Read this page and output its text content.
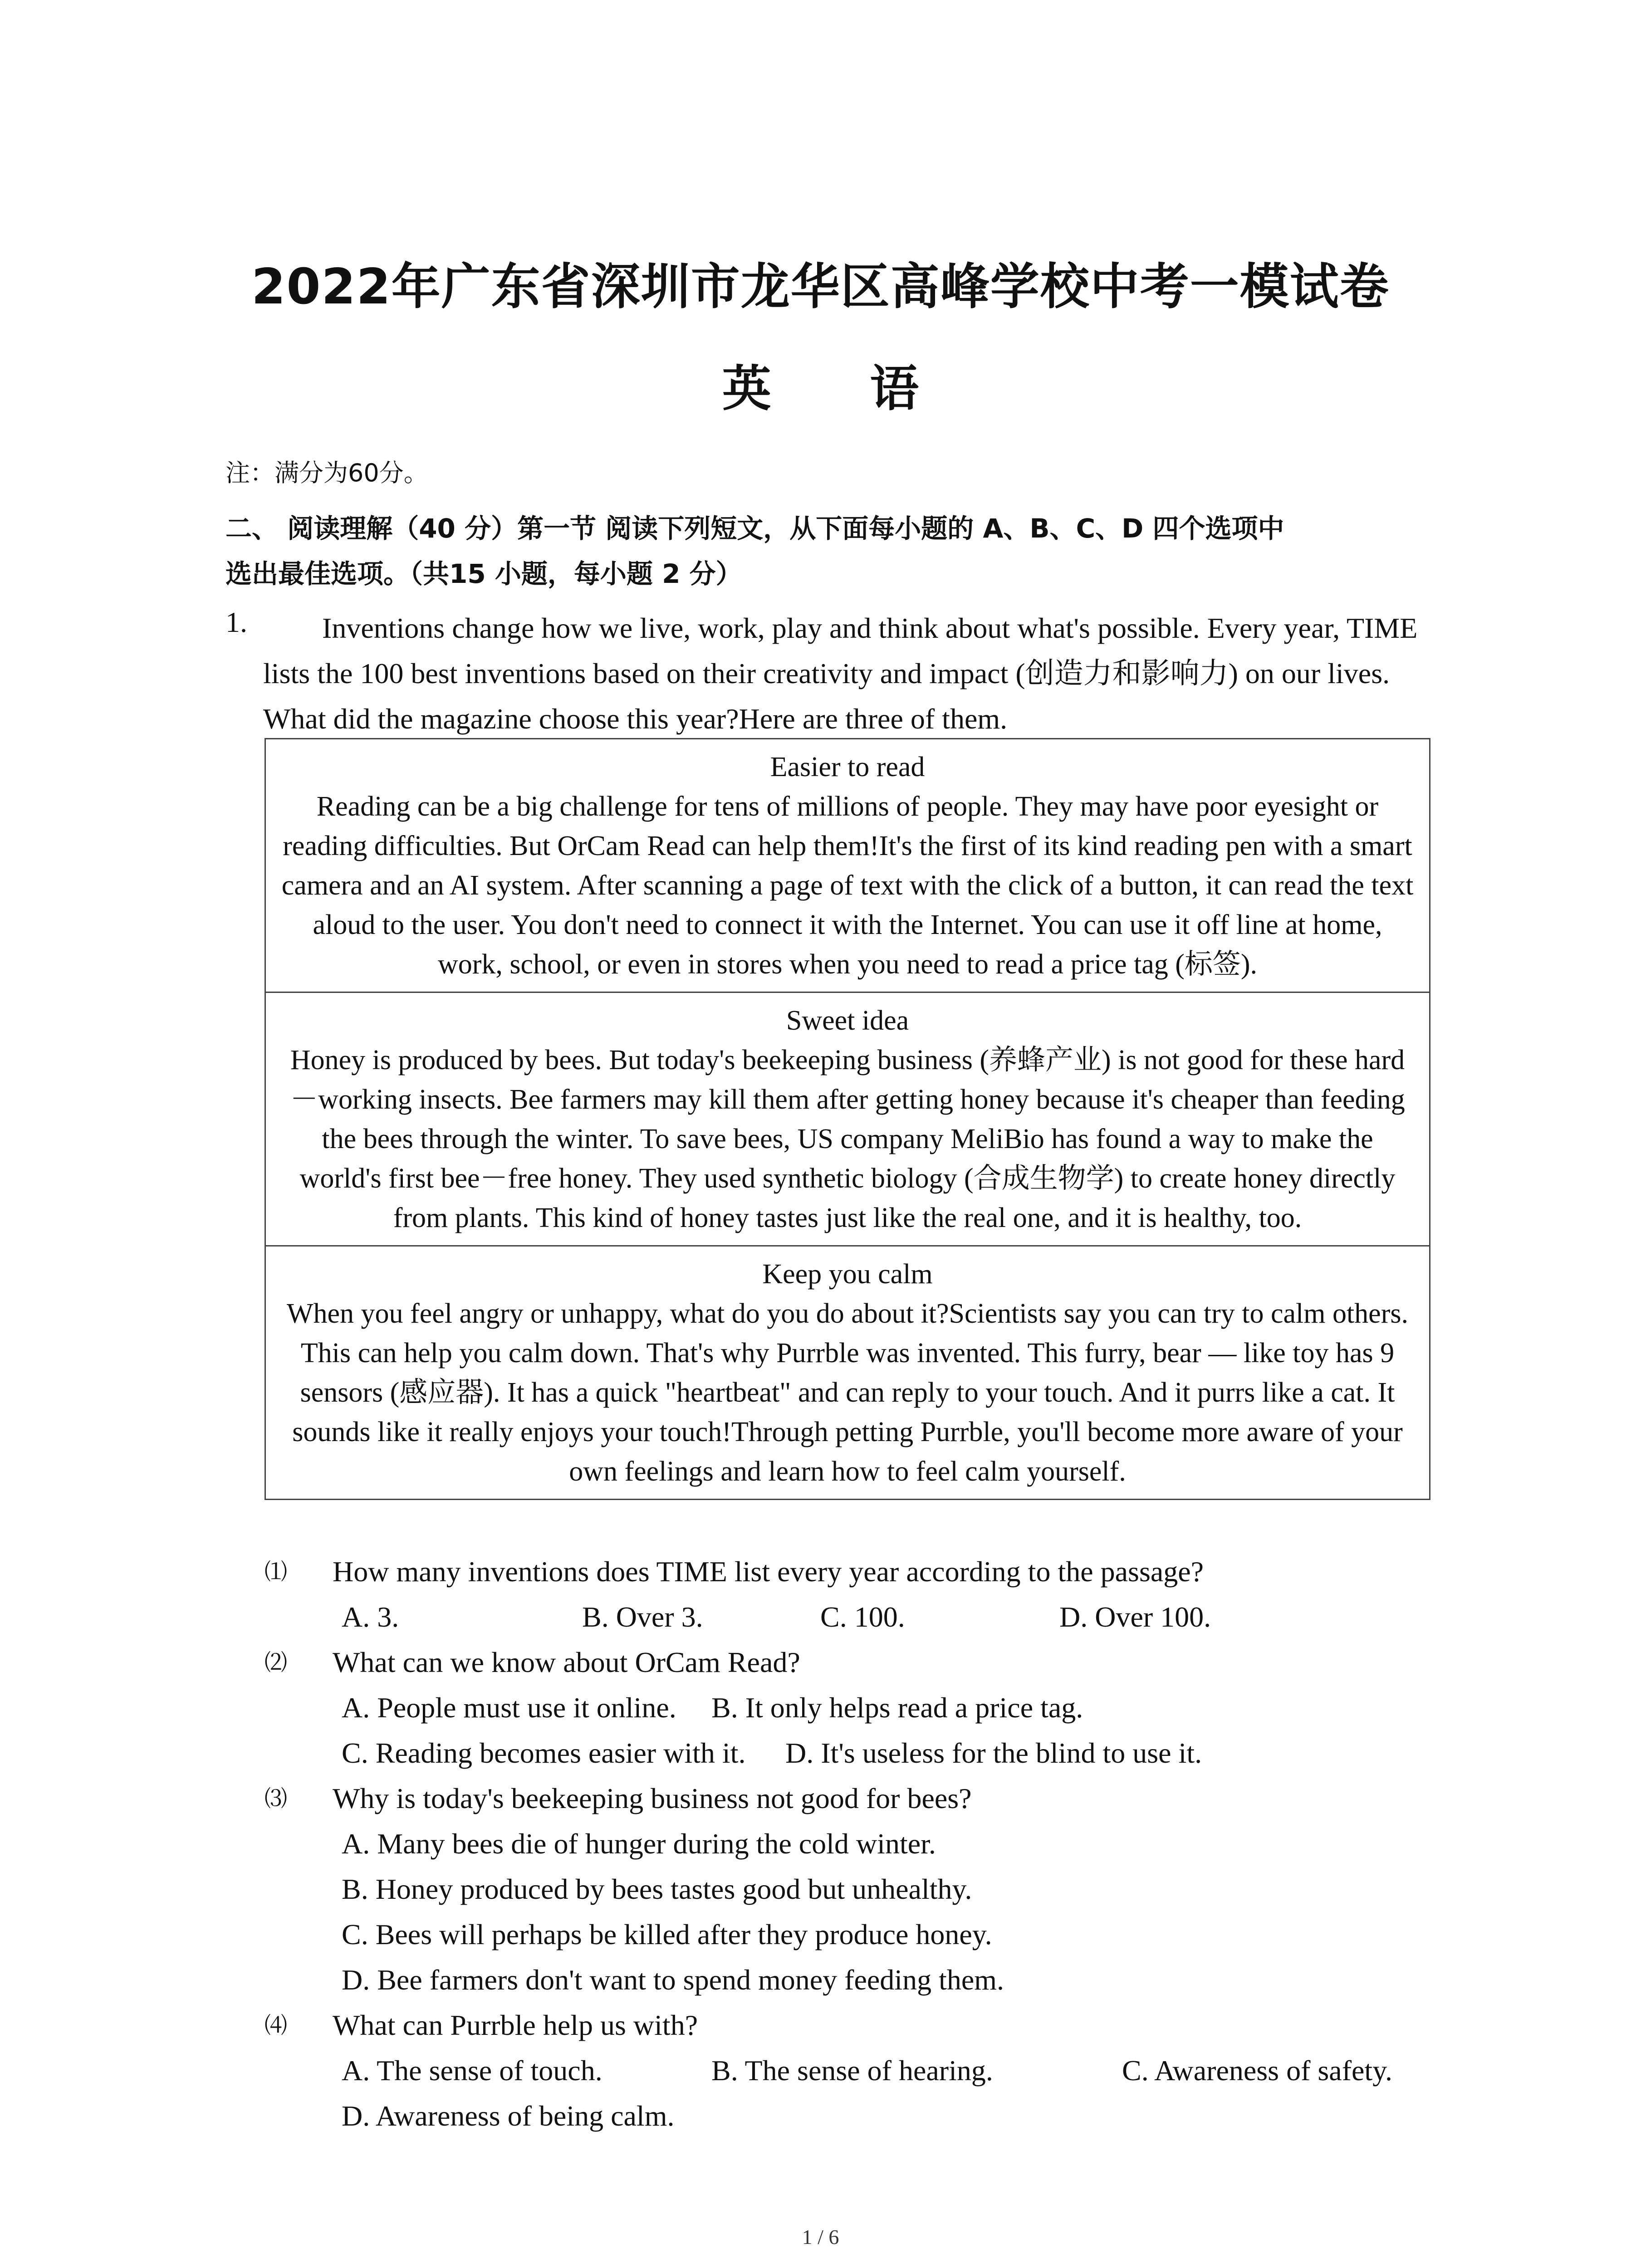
2022年广东省深圳市龙华区高峰学校中考一模试卷
英 语
注：满分为60分。
二、 阅读理解（40 分）第一节 阅读下列短文，从下面每小题的 A、B、C、D 四个选项中
选出最佳选项。（共15 小题，每小题 2 分）
1.	Inventions change how we live, work, play and think about what's possible. Every year, TIME lists the 100 best inventions based on their creativity and impact (创造力和影响力) on our lives. What did the magazine choose this year?Here are three of them.
Easier to read
Reading can be a big challenge for tens of millions of people. They may have poor eyesight or reading difficulties. But OrCam Read can help them!It's the first of its kind reading pen with a smart camera and an AI system. After scanning a page of text with the click of a button, it can read the text aloud to the user. You don't need to connect it with the Internet. You can use it off line at home, work, school, or even in stores when you need to read a price tag (标签).
Sweet idea
Honey is produced by bees. But today's beekeeping business (养蜂产业) is not good for these hard－working insects. Bee farmers may kill them after getting honey because it's cheaper than feeding the bees through the winter. To save bees, US company MeliBio has found a way to make the world's first bee－free honey. They used synthetic biology (合成生物学) to create honey directly from plants. This kind of honey tastes just like the real one, and it is healthy, too.
Keep you calm
When you feel angry or unhappy, what do you do about it?Scientists say you can try to calm others. This can help you calm down. That's why Purrble was invented. This furry, bear — like toy has 9 sensors (感应器). It has a quick "heartbeat" and can reply to your touch. And it purrs like a cat. It sounds like it really enjoys your touch!Through petting Purrble, you'll become more aware of your own feelings and learn how to feel calm yourself.
⑴ How many inventions does TIME list every year according to the passage?
A. 3.	B. Over 3.	C. 100.	D. Over 100.
⑵ What can we know about OrCam Read?
A. People must use it online. B. It only helps read a price tag.
C. Reading becomes easier with it. D. It's useless for the blind to use it.
⑶ Why is today's beekeeping business not good for bees?
A. Many bees die of hunger during the cold winter.
B. Honey produced by bees tastes good but unhealthy.
C. Bees will perhaps be killed after they produce honey.
D. Bee farmers don't want to spend money feeding them.
⑷ What can Purrble help us with?
A. The sense of touch.	B. The sense of hearing.	C. Awareness of safety.
D. Awareness of being calm.
1 / 6
